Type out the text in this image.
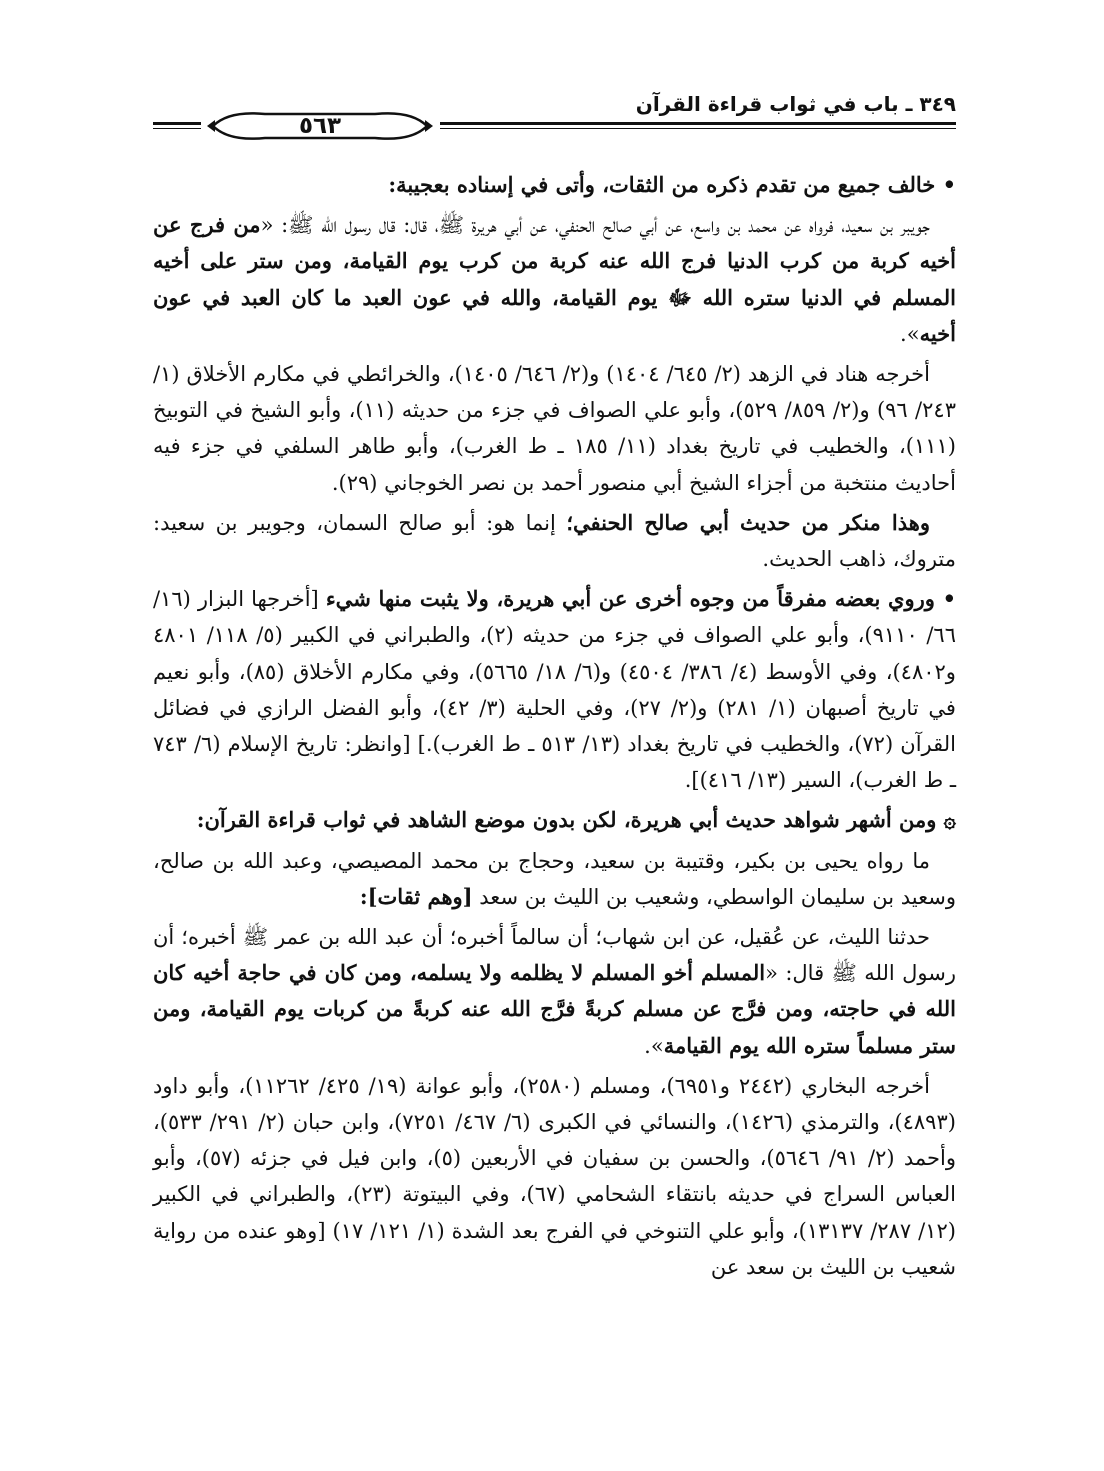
٣٤٩ ـ باب في ثواب قراءة القرآن
٥٦٣

• خالف جميع من تقدم ذكره من الثقات، وأتى في إسناده بعجيبة:

جويبر بن سعيد، فرواه عن محمد بن واسع، عن أبي صالح الحنفي، عن أبي هريرة ﷺ، قال: قال رسول الله ﷺ: «من فرج عن أخيه كربة من كرب الدنيا فرج الله عنه كربة من كرب يوم القيامة، ومن ستر على أخيه المسلم في الدنيا ستره الله ﷻ يوم القيامة، والله في عون العبد ما كان العبد في عون أخيه».

أخرجه هناد في الزهد (٢/ ٦٤٥/ ١٤٠٤) و(٢/ ٦٤٦/ ١٤٠٥)، والخرائطي في مكارم الأخلاق (١/ ٢٤٣/ ٩٦) و(٢/ ٨٥٩/ ٥٢٩)، وأبو علي الصواف في جزء من حديثه (١١)، وأبو الشيخ في التوبيخ (١١١)، والخطيب في تاريخ بغداد (١١/ ١٨٥ ـ ط الغرب)، وأبو طاهر السلفي في جزء فيه أحاديث منتخبة من أجزاء الشيخ أبي منصور أحمد بن نصر الخوجاني (٢٩).

وهذا منكر من حديث أبي صالح الحنفي؛ إنما هو: أبو صالح السمان، وجويبر بن سعيد: متروك، ذاهب الحديث.

• وروي بعضه مفرقاً من وجوه أخرى عن أبي هريرة، ولا يثبت منها شيء [أخرجها البزار (١٦/ ٦٦/ ٩١١٠)، وأبو علي الصواف في جزء من حديثه (٢)، والطبراني في الكبير (٥/ ١١٨/ ٤٨٠١ و٤٨٠٢)، وفي الأوسط (٤/ ٣٨٦/ ٤٥٠٤) و(٦/ ١٨/ ٥٦٦٥)، وفي مكارم الأخلاق (٨٥)، وأبو نعيم في تاريخ أصبهان (١/ ٢٨١) و(٢/ ٢٧)، وفي الحلية (٣/ ٤٢)، وأبو الفضل الرازي في فضائل القرآن (٧٢)، والخطيب في تاريخ بغداد (١٣/ ٥١٣ ـ ط الغرب).] [وانظر: تاريخ الإسلام (٦/ ٧٤٣ ـ ط الغرب)، السير (١٣/ ٤١٦)].

۞ ومن أشهر شواهد حديث أبي هريرة، لكن بدون موضع الشاهد في ثواب قراءة القرآن:

ما رواه يحيى بن بكير، وقتيبة بن سعيد، وحجاج بن محمد المصيصي، وعبد الله بن صالح، وسعيد بن سليمان الواسطي، وشعيب بن الليث بن سعد [وهم ثقات]:

حدثنا الليث، عن عُقيل، عن ابن شهاب؛ أن سالماً أخبره؛ أن عبد الله بن عمر ﷺ أخبره؛ أن رسول الله ﷺ قال: «المسلم أخو المسلم لا يظلمه ولا يسلمه، ومن كان في حاجة أخيه كان الله في حاجته، ومن فرَّج عن مسلم كربةً فرَّج الله عنه كربةً من كربات يوم القيامة، ومن ستر مسلماً ستره الله يوم القيامة».

أخرجه البخاري (٢٤٤٢ و٦٩٥١)، ومسلم (٢٥٨٠)، وأبو عوانة (١٩/ ٤٢٥/ ١١٢٦٢)، وأبو داود (٤٨٩٣)، والترمذي (١٤٢٦)، والنسائي في الكبرى (٦/ ٤٦٧/ ٧٢٥١)، وابن حبان (٢/ ٢٩١/ ٥٣٣)، وأحمد (٢/ ٩١/ ٥٦٤٦)، والحسن بن سفيان في الأربعين (٥)، وابن فيل في جزئه (٥٧)، وأبو العباس السراج في حديثه بانتقاء الشحامي (٦٧)، وفي البيتوتة (٢٣)، والطبراني في الكبير (١٢/ ٢٨٧/ ١٣١٣٧)، وأبو علي التنوخي في الفرج بعد الشدة (١/ ١٢١/ ١٧) [وهو عنده من رواية شعيب بن الليث بن سعد عن
